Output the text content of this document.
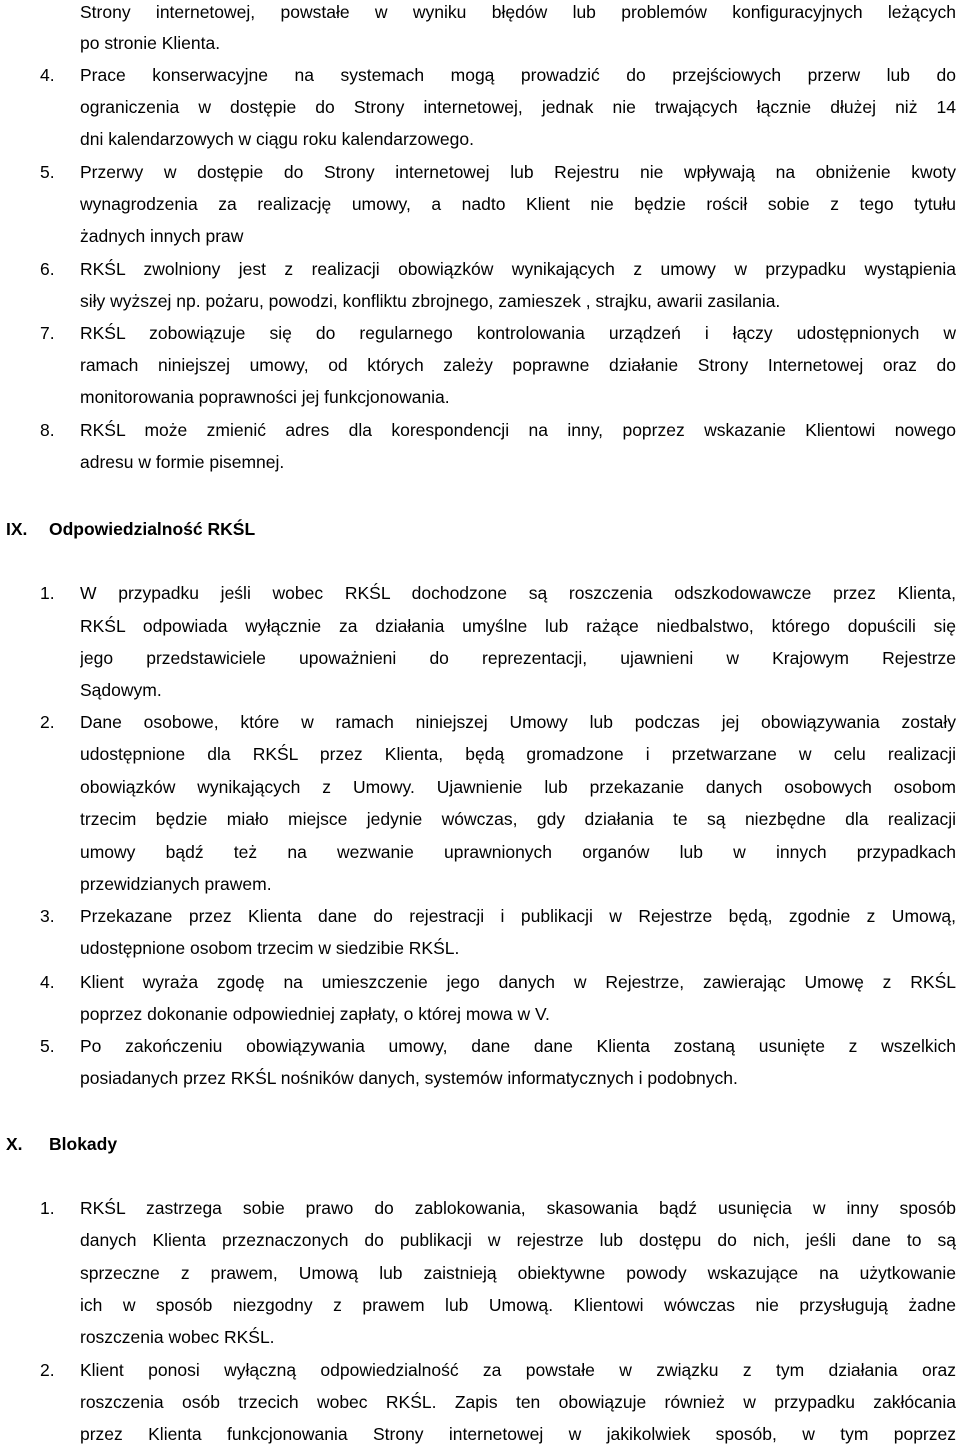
Strony internetowej, powstałe w wyniku błędów lub problemów konfiguracyjnych leżących
po stronie Klienta.
4. Prace konserwacyjne na systemach mogą prowadzić do przejściowych przerw lub do
ograniczenia w dostępie do Strony internetowej, jednak nie trwających łącznie dłużej niż 14
dni kalendarzowych w ciągu roku kalendarzowego.
5. Przerwy w dostępie do Strony internetowej lub Rejestru nie wpływają na obniżenie kwoty
wynagrodzenia za realizację umowy, a nadto Klient nie będzie rościł sobie z tego tytułu
żadnych innych praw
6. RKŚL zwolniony jest z realizacji obowiązków wynikających z umowy w przypadku wystąpienia
siły wyższej np. pożaru, powodzi, konfliktu zbrojnego, zamieszek , strajku, awarii zasilania.
7. RKŚL zobowiązuje się do regularnego kontrolowania urządzeń i łączy udostępnionych w
ramach niniejszej umowy, od których zależy poprawne działanie Strony Internetowej oraz do
monitorowania poprawności jej funkcjonowania.
8. RKŚL może zmienić adres dla korespondencji na inny, poprzez wskazanie Klientowi nowego
adresu w formie pisemnej.
IX. Odpowiedzialność RKŚL
1. W przypadku jeśli wobec RKŚL dochodzone są roszczenia odszkodowawcze przez Klienta,
RKŚL odpowiada wyłącznie za działania umyślne lub rażące niedbalstwo, którego dopuścili się
jego przedstawiciele upoważnieni do reprezentacji, ujawnieni w Krajowym Rejestrze
Sądowym.
2. Dane osobowe, które w ramach niniejszej Umowy lub podczas jej obowiązywania zostały
udostępnione dla RKŚL przez Klienta, będą gromadzone i przetwarzane w celu realizacji
obowiązków wynikających z Umowy. Ujawnienie lub przekazanie danych osobowych osobom
trzecim będzie miało miejsce jedynie wówczas, gdy działania te są niezbędne dla realizacji
umowy bądź też na wezwanie uprawnionych organów lub w innych przypadkach
przewidzianych prawem.
3. Przekazane przez Klienta dane do rejestracji i publikacji w Rejestrze będą, zgodnie z Umową,
udostępnione osobom trzecim w siedzibie RKŚL.
4. Klient wyraża zgodę na umieszczenie jego danych w Rejestrze, zawierając Umowę z RKŚL
poprzez dokonanie odpowiedniej zapłaty, o której mowa w V.
5. Po zakończeniu obowiązywania umowy, dane dane Klienta zostaną usunięte z wszelkich
posiadanych przez RKŚL nośników danych, systemów informatycznych i podobnych.
X. Blokady
1. RKŚL zastrzega sobie prawo do zablokowania, skasowania bądź usunięcia w inny sposób
danych Klienta przeznaczonych do publikacji w rejestrze lub dostępu do nich, jeśli dane to są
sprzeczne z prawem, Umową lub zaistnieją obiektywne powody wskazujące na użytkowanie
ich w sposób niezgodny z prawem lub Umową. Klientowi wówczas nie przysługują żadne
roszczenia wobec RKŚL.
2. Klient ponosi wyłączną odpowiedzialność za powstałe w związku z tym działania oraz
roszczenia osób trzecich wobec RKŚL. Zapis ten obowiązuje również w przypadku zakłócania
przez Klienta funkcjonowania Strony internetowej w jakikolwiek sposób, w tym poprzez
